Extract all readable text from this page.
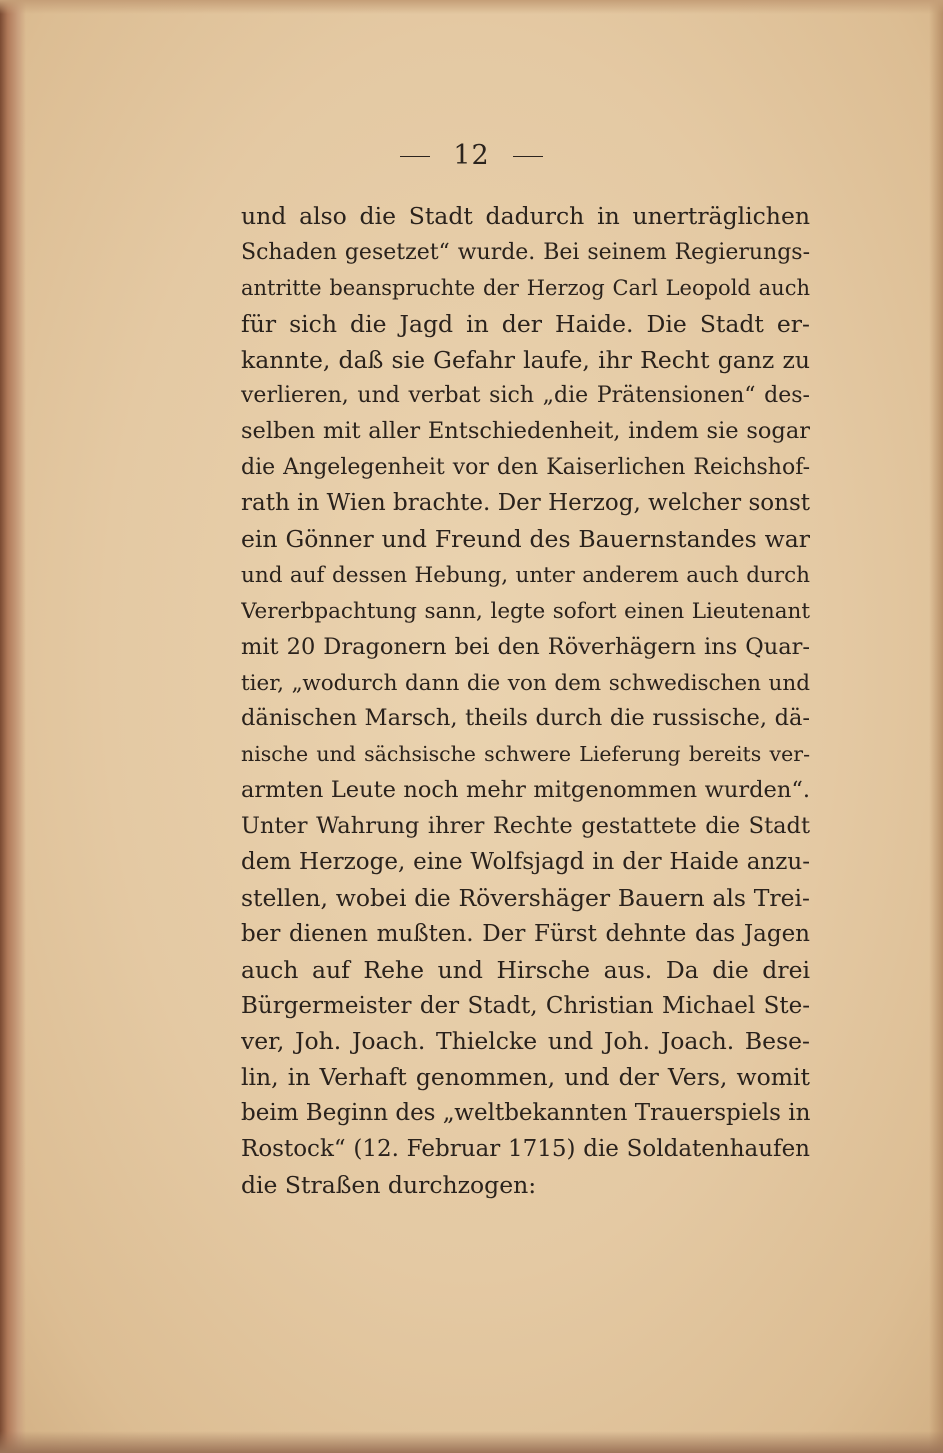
12
und also die Stadt dadurch in unerträglichen
Schaden gesetzet“ wurde. Bei seinem Regierungs-
antritte beanspruchte der Herzog Carl Leopold auch
für sich die Jagd in der Haide. Die Stadt er-
kannte, daß sie Gefahr laufe, ihr Recht ganz zu
verlieren, und verbat sich „die Prätensionen“ des-
selben mit aller Entschiedenheit, indem sie sogar
die Angelegenheit vor den Kaiserlichen Reichshof-
rath in Wien brachte. Der Herzog, welcher sonst
ein Gönner und Freund des Bauernstandes war
und auf dessen Hebung, unter anderem auch durch
Vererbpachtung sann, legte sofort einen Lieutenant
mit 20 Dragonern bei den Röverhägern ins Quar-
tier, „wodurch dann die von dem schwedischen und
dänischen Marsch, theils durch die russische, dä-
nische und sächsische schwere Lieferung bereits ver-
armten Leute noch mehr mitgenommen wurden“.
Unter Wahrung ihrer Rechte gestattete die Stadt
dem Herzoge, eine Wolfsjagd in der Haide anzu-
stellen, wobei die Rövershäger Bauern als Trei-
ber dienen mußten. Der Fürst dehnte das Jagen
auch auf Rehe und Hirsche aus. Da die drei
Bürgermeister der Stadt, Christian Michael Ste-
ver, Joh. Joach. Thielcke und Joh. Joach. Bese-
lin, in Verhaft genommen, und der Vers, womit
beim Beginn des „weltbekannten Trauerspiels in
Rostock“ (12. Februar 1715) die Soldatenhaufen
die Straßen durchzogen:
